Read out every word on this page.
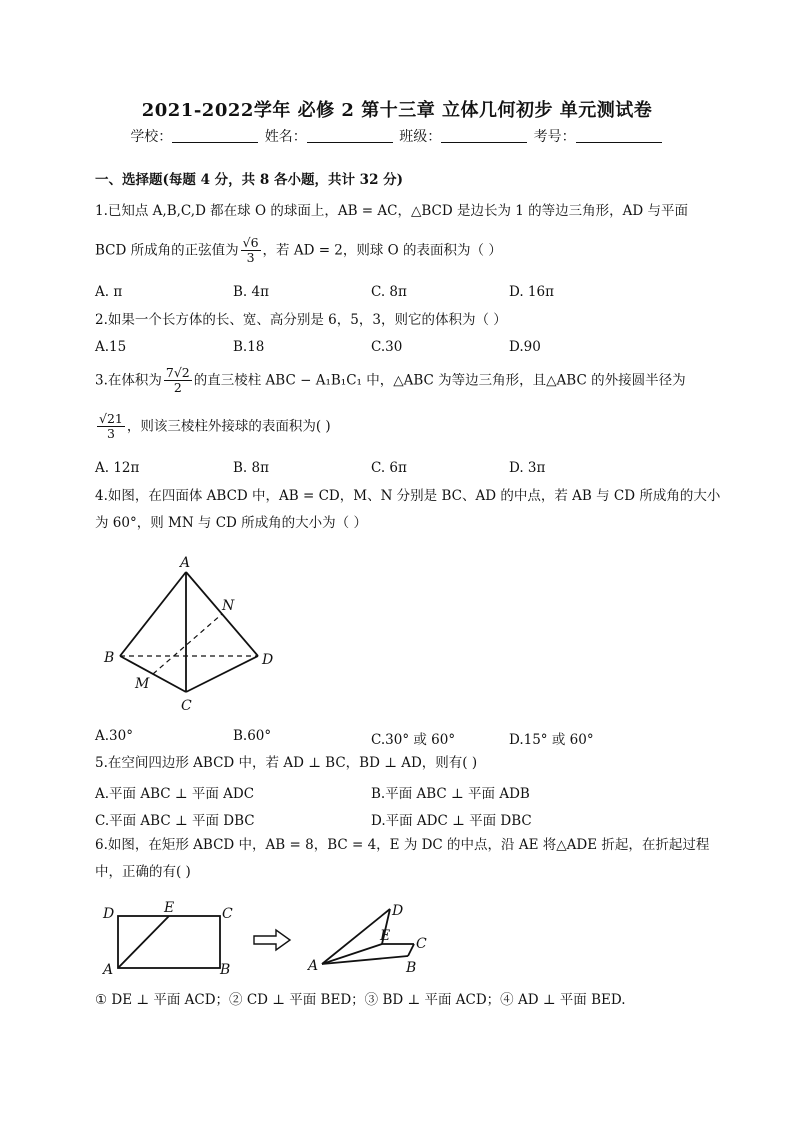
2021-2022学年 必修 2 第十三章 立体几何初步 单元测试卷
学校：	姓名：	班级：	考号：
一、选择题(每题 4 分，共 8 各小题，共计 32 分)
1.已知点 A,B,C,D 都在球 O 的球面上，AB = AC，△BCD 是边长为 1 的等边三角形，AD 与平面
BCD 所成角的正弦值为 $\frac{√6}{3}$ ，若 AD = 2，则球 O 的表面积为（ ）
A. π	B. 4π	C. 8π	D. 16π
2.如果一个长方体的长、宽、高分别是 6，5，3，则它的体积为（ ）
A.15	B.18	C.30	D.90
3.在体积为 $\frac{7√2}{2}$ 的直三棱柱 ABC − A₁B₁C₁ 中，△ABC 为等边三角形，且△ABC 的外接圆半径为
$\frac{√21}{3}$ ，则该三棱柱外接球的表面积为( )
A. 12π	B. 8π	C. 6π	D. 3π
4.如图，在四面体 ABCD 中，AB = CD，M、N 分别是 BC、AD 的中点，若 AB 与 CD 所成角的大小
为 60°，则 MN 与 CD 所成角的大小为（ ）
A
B
C
D
M
N
A.30°	B.60°	C.30° 或 60°	D.15° 或 60°
5.在空间四边形 ABCD 中，若 AD ⊥ BC，BD ⊥ AD，则有( )
A.平面 ABC ⊥ 平面 ADC	B.平面 ABC ⊥ 平面 ADB
C.平面 ABC ⊥ 平面 DBC	D.平面 ADC ⊥ 平面 DBC
6.如图，在矩形 ABCD 中，AB = 8，BC = 4，E 为 DC 的中点，沿 AE 将△ADE 折起，在折起过程
中，正确的有( )
D	E	C
A	B
D
E C
B
A
① DE ⊥ 平面 ACD；② CD ⊥ 平面 BED；③ BD ⊥ 平面 ACD；④ AD ⊥ 平面 BED.
